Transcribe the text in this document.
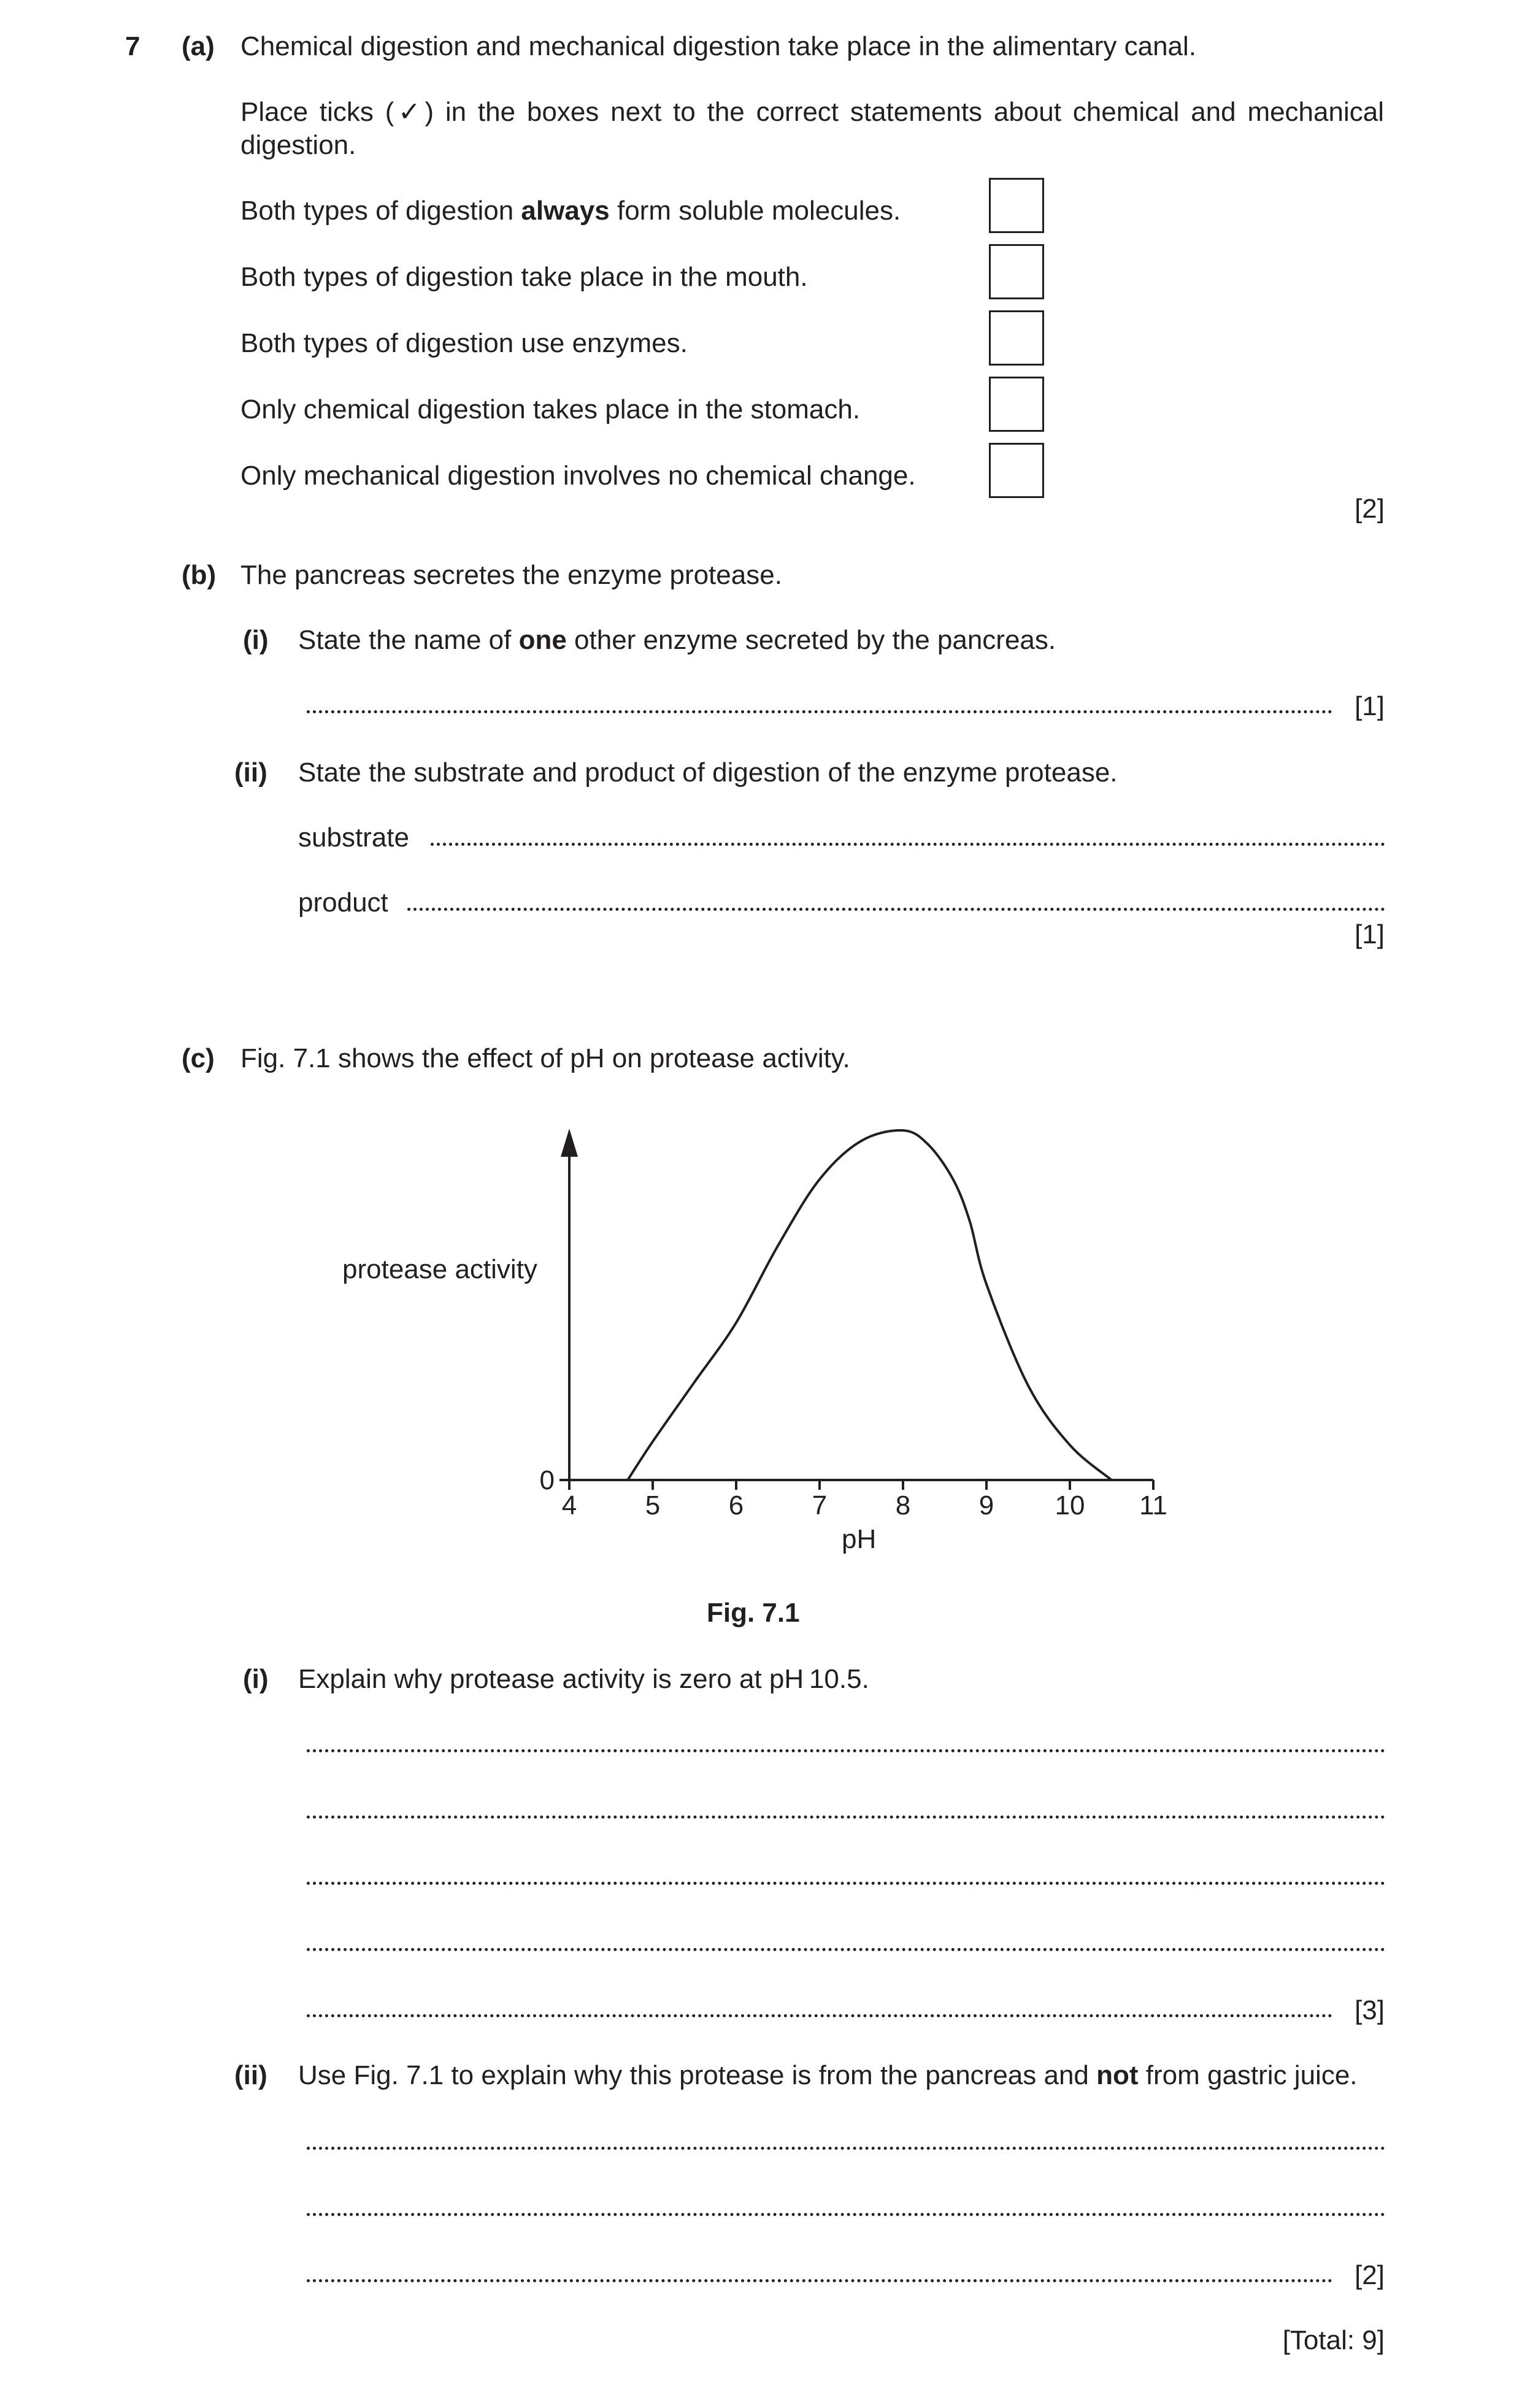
7 (a) Chemical digestion and mechanical digestion take place in the alimentary canal.
Place ticks (✓) in the boxes next to the correct statements about chemical and mechanical
digestion.
Both types of digestion always form soluble molecules.
Both types of digestion take place in the mouth.
Both types of digestion use enzymes.
Only chemical digestion takes place in the stomach.
Only mechanical digestion involves no chemical change.
[2]
(b) The pancreas secretes the enzyme protease.
(i) State the name of one other enzyme secreted by the pancreas.
[1]
(ii) State the substrate and product of digestion of the enzyme protease.
substrate
product
[1]
(c) Fig. 7.1 shows the effect of pH on protease activity.
protease activity
4	5	6	7	8	9 10 11
0
pH
Fig. 7.1
(i) Explain why protease activity is zero at pH 10.5.
[3]
(ii) Use Fig. 7.1 to explain why this protease is from the pancreas and not from gastric juice.
[2]
[Total: 9]
